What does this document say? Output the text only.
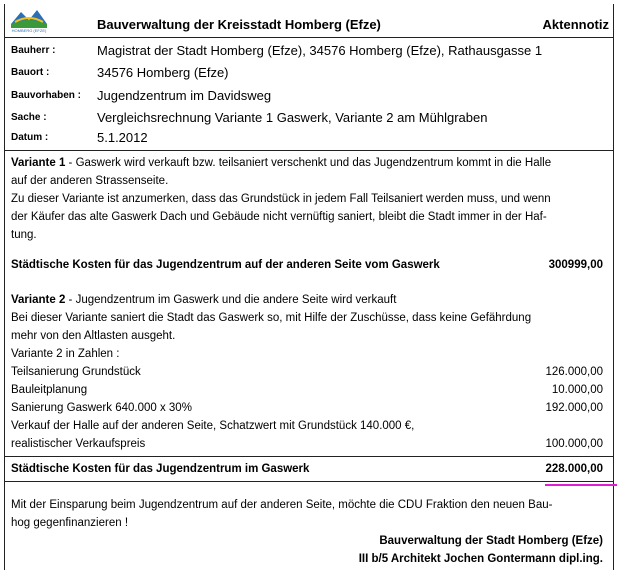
HOMBERG (EFZE)	Bauverwaltung der Kreisstadt Homberg (Efze)	Aktennotiz
Bauherr :	Magistrat der Stadt Homberg (Efze), 34576 Homberg (Efze), Rathausgasse 1
Bauort :	34576 Homberg (Efze)
Bauvorhaben : Jugendzentrum im Davidsweg
Sache :	Vergleichsrechnung Variante 1 Gaswerk, Variante 2 am Mühlgraben
Datum :	5.1.2012
Variante 1 - Gaswerk wird verkauft bzw. teilsaniert verschenkt und das Jugendzentrum kommt in die Halle
auf der anderen Strassenseite.
Zu dieser Variante ist anzumerken, dass das Grundstück in jedem Fall Teilsaniert werden muss, und wenn
der Käufer das alte Gaswerk Dach und Gebäude nicht vernüftig saniert, bleibt die Stadt immer in der Haf-
tung.
Städtische Kosten für das Jugendzentrum auf der anderen Seite vom Gaswerk	300999,00
Variante 2 - Jugendzentrum im Gaswerk und die andere Seite wird verkauft
Bei dieser Variante saniert die Stadt das Gaswerk so, mit Hilfe der Zuschüsse, dass keine Gefährdung
mehr von den Altlasten ausgeht.
Variante 2 in Zahlen :
Teilsanierung Grundstück	126.000,00
Bauleitplanung	10.000,00
Sanierung Gaswerk 640.000 x 30%	192.000,00
Verkauf der Halle auf der anderen Seite, Schatzwert mit Grundstück 140.000 €,
realistischer Verkaufspreis	100.000,00
Städtische Kosten für das Jugendzentrum im Gaswerk	228.000,00
Mit der Einsparung beim Jugendzentrum auf der anderen Seite, möchte die CDU Fraktion den neuen Bau-
hog gegenfinanzieren !
Bauverwaltung der Stadt Homberg (Efze)
III b/5 Architekt Jochen Gontermann dipl.ing.
